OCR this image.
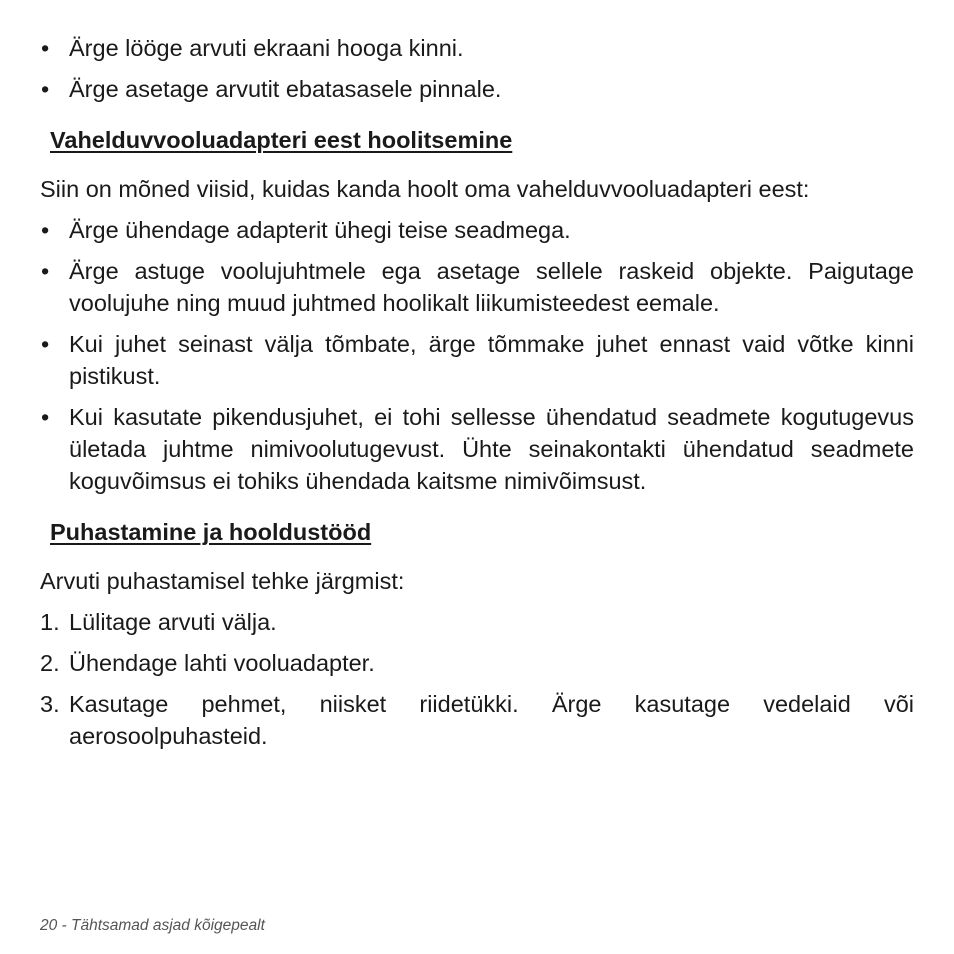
• Ärge lööge arvuti ekraani hooga kinni.
• Ärge asetage arvutit ebatasasele pinnale.
Vahelduvvooluadapteri eest hoolitsemine

Siin on mõned viisid, kuidas kanda hoolt oma vahelduvvooluadapteri eest:

• Ärge ühendage adapterit ühegi teise seadmega.
• Ärge astuge voolujuhtmele ega asetage sellele raskeid objekte. Paigutage voolujuhe ning muud juhtmed hoolikalt liikumisteedest eemale.
• Kui juhet seinast välja tõmbate, ärge tõmmake juhet ennast vaid võtke kinni pistikust.
• Kui kasutate pikendusjuhet, ei tohi sellesse ühendatud seadmete kogutugevus ületada juhtme nimivoolutugevust. Ühte seinakontakti ühendatud seadmete koguvõimsus ei tohiks ühendada kaitsme nimivõimsust.
Puhastamine ja hooldustööd

Arvuti puhastamisel tehke järgmist:

1. Lülitage arvuti välja.
2. Ühendage lahti vooluadapter.
3. Kasutage pehmet, niisket riidetükki. Ärge kasutage vedelaid või aerosoolpuhasteid.
20 - Tähtsamad asjad kõigepealt
